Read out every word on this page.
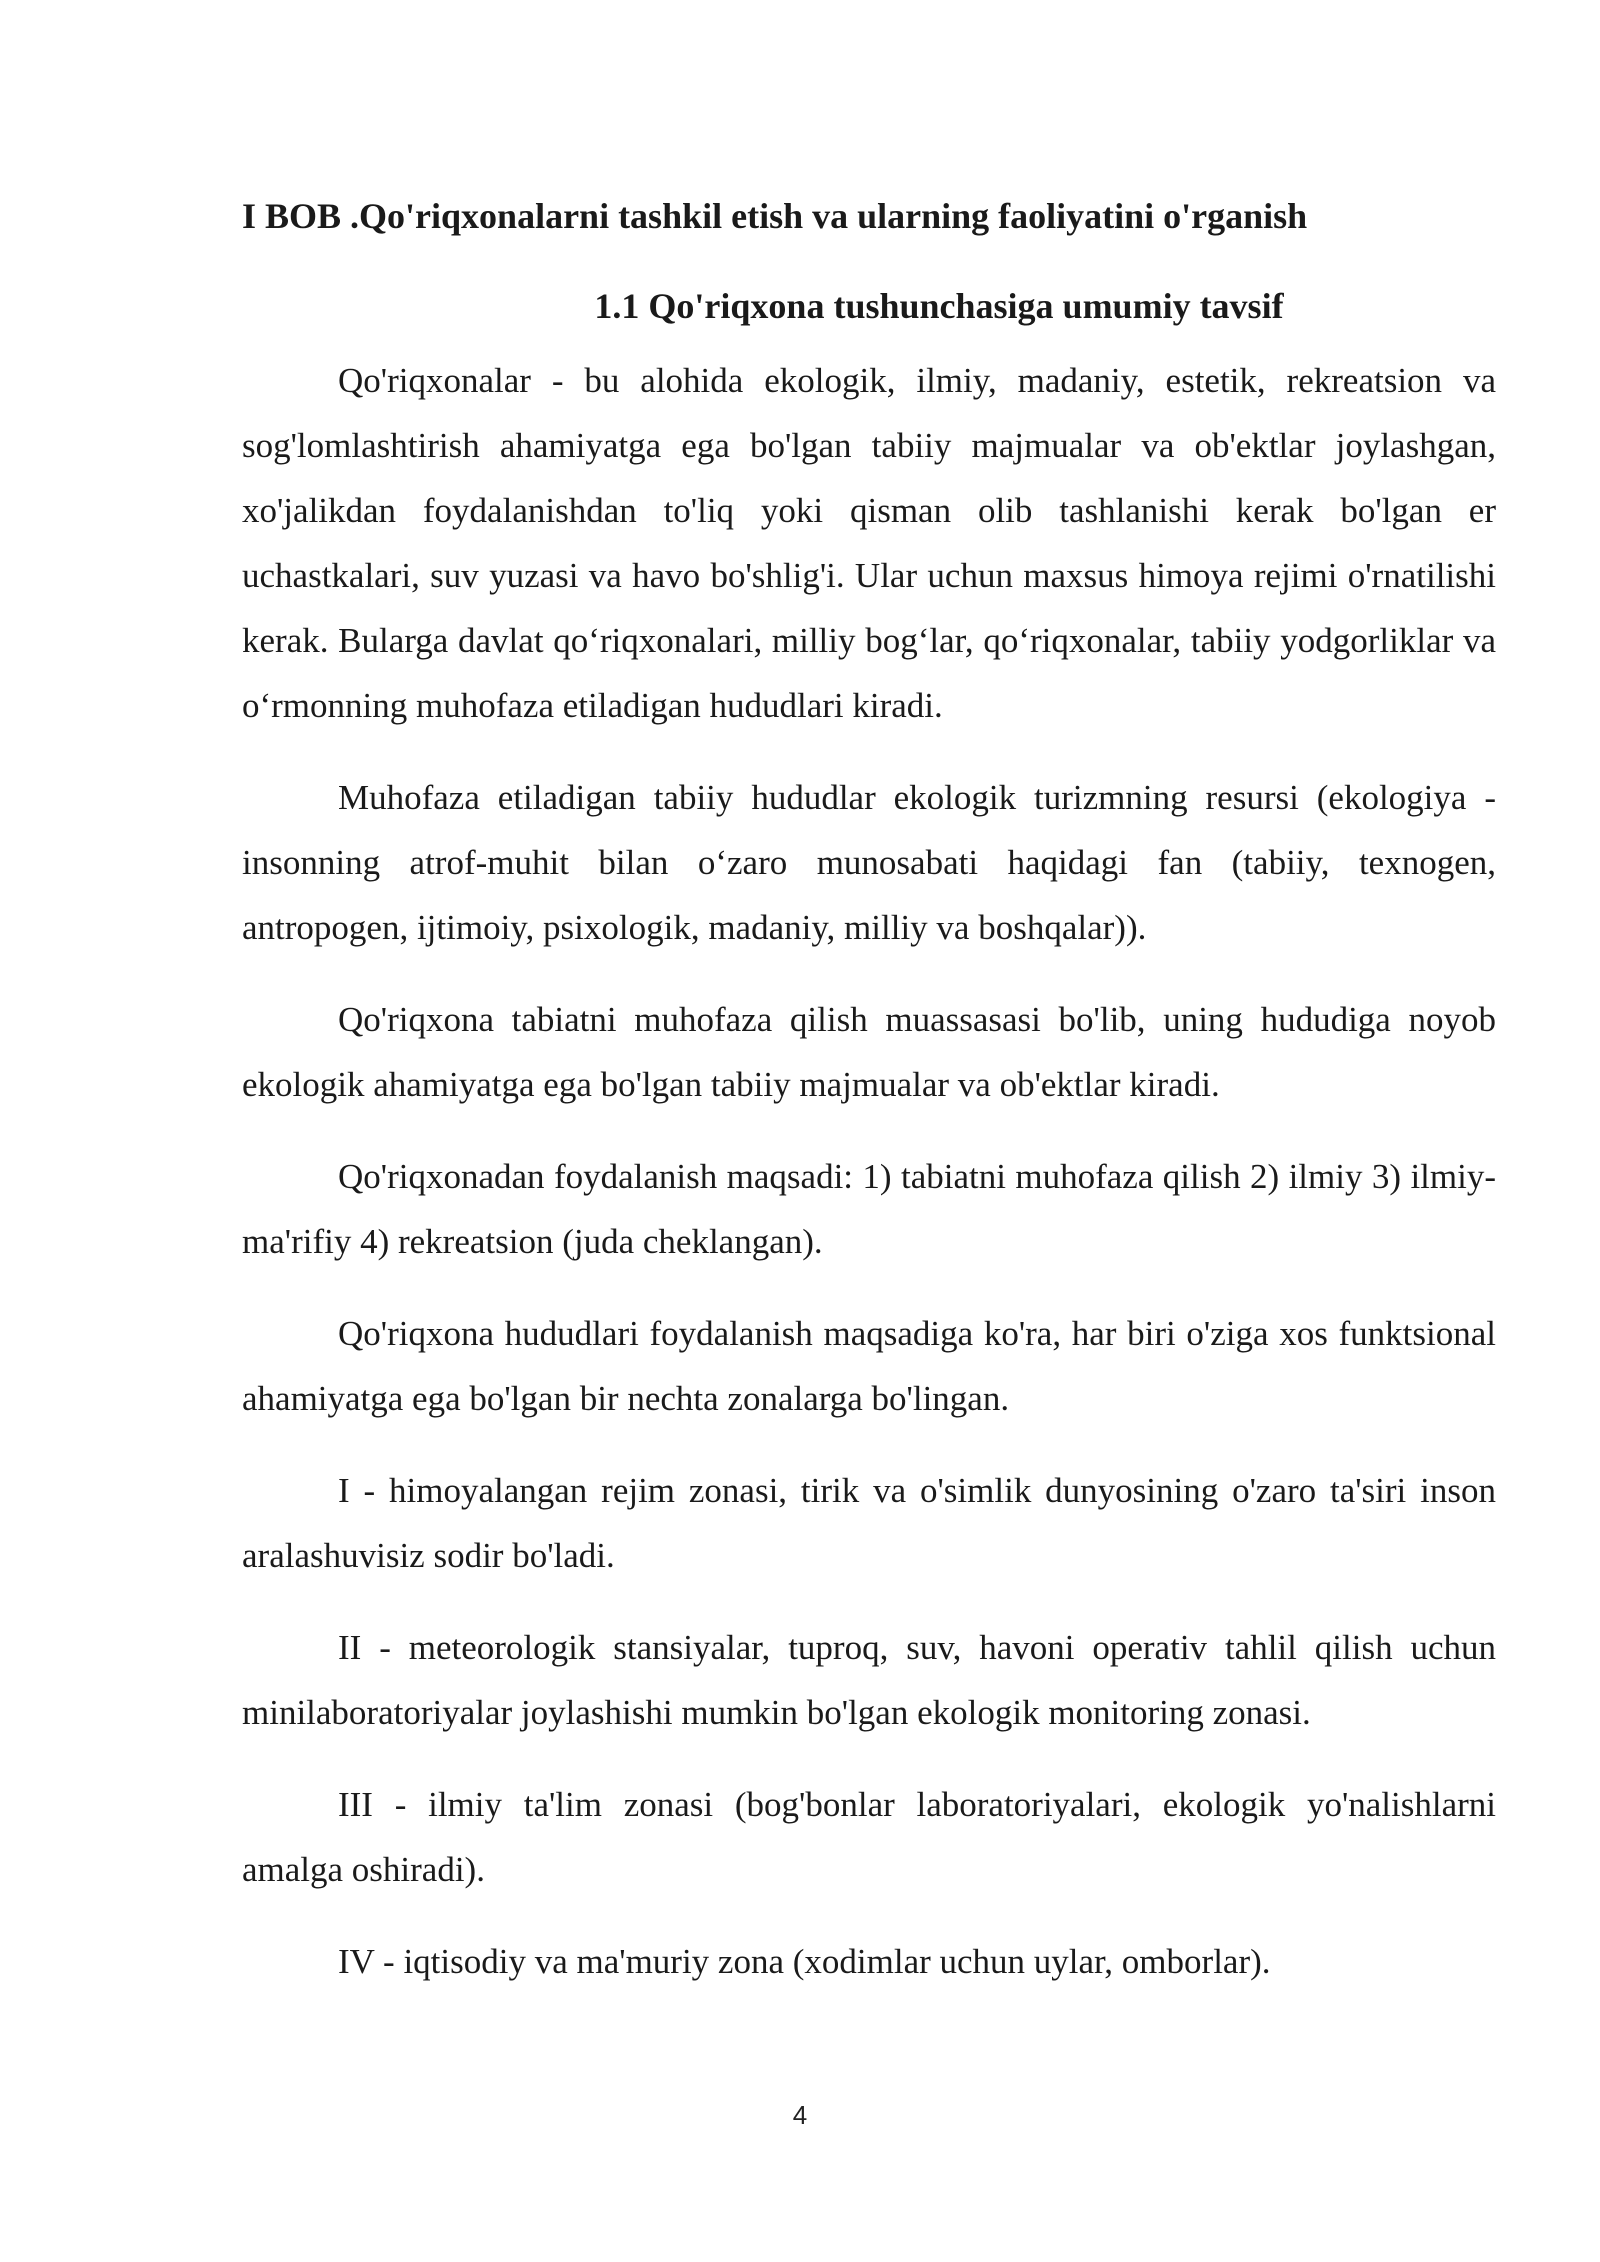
I BOB .Qo'riqxonalarni tashkil etish va ularning faoliyatini o'rganish
1.1 Qo'riqxona tushunchasiga umumiy tavsif

Qo'riqxonalar - bu alohida ekologik, ilmiy, madaniy, estetik, rekreatsion va sog'lomlashtirish ahamiyatga ega bo'lgan tabiiy majmualar va ob'ektlar joylashgan, xo'jalikdan foydalanishdan to'liq yoki qisman olib tashlanishi kerak bo'lgan er uchastkalari, suv yuzasi va havo bo'shlig'i. Ular uchun maxsus himoya rejimi o'rnatilishi kerak. Bularga davlat qo‘riqxonalari, milliy bog‘lar, qo‘riqxonalar, tabiiy yodgorliklar va o‘rmonning muhofaza etiladigan hududlari kiradi.

Muhofaza etiladigan tabiiy hududlar ekologik turizmning resursi (ekologiya - insonning atrof-muhit bilan o‘zaro munosabati haqidagi fan (tabiiy, texnogen, antropogen, ijtimoiy, psixologik, madaniy, milliy va boshqalar)).

Qo'riqxona tabiatni muhofaza qilish muassasasi bo'lib, uning hududiga noyob ekologik ahamiyatga ega bo'lgan tabiiy majmualar va ob'ektlar kiradi.

Qo'riqxonadan foydalanish maqsadi: 1) tabiatni muhofaza qilish 2) ilmiy 3) ilmiy-ma'rifiy 4) rekreatsion (juda cheklangan).

Qo'riqxona hududlari foydalanish maqsadiga ko'ra, har biri o'ziga xos funktsional ahamiyatga ega bo'lgan bir nechta zonalarga bo'lingan.

I - himoyalangan rejim zonasi, tirik va o'simlik dunyosining o'zaro ta'siri inson aralashuvisiz sodir bo'ladi.

II - meteorologik stansiyalar, tuproq, suv, havoni operativ tahlil qilish uchun minilaboratoriyalar joylashishi mumkin bo'lgan ekologik monitoring zonasi.

III - ilmiy ta'lim zonasi (bog'bonlar laboratoriyalari, ekologik yo'nalishlarni amalga oshiradi).

IV - iqtisodiy va ma'muriy zona (xodimlar uchun uylar, omborlar).

4
